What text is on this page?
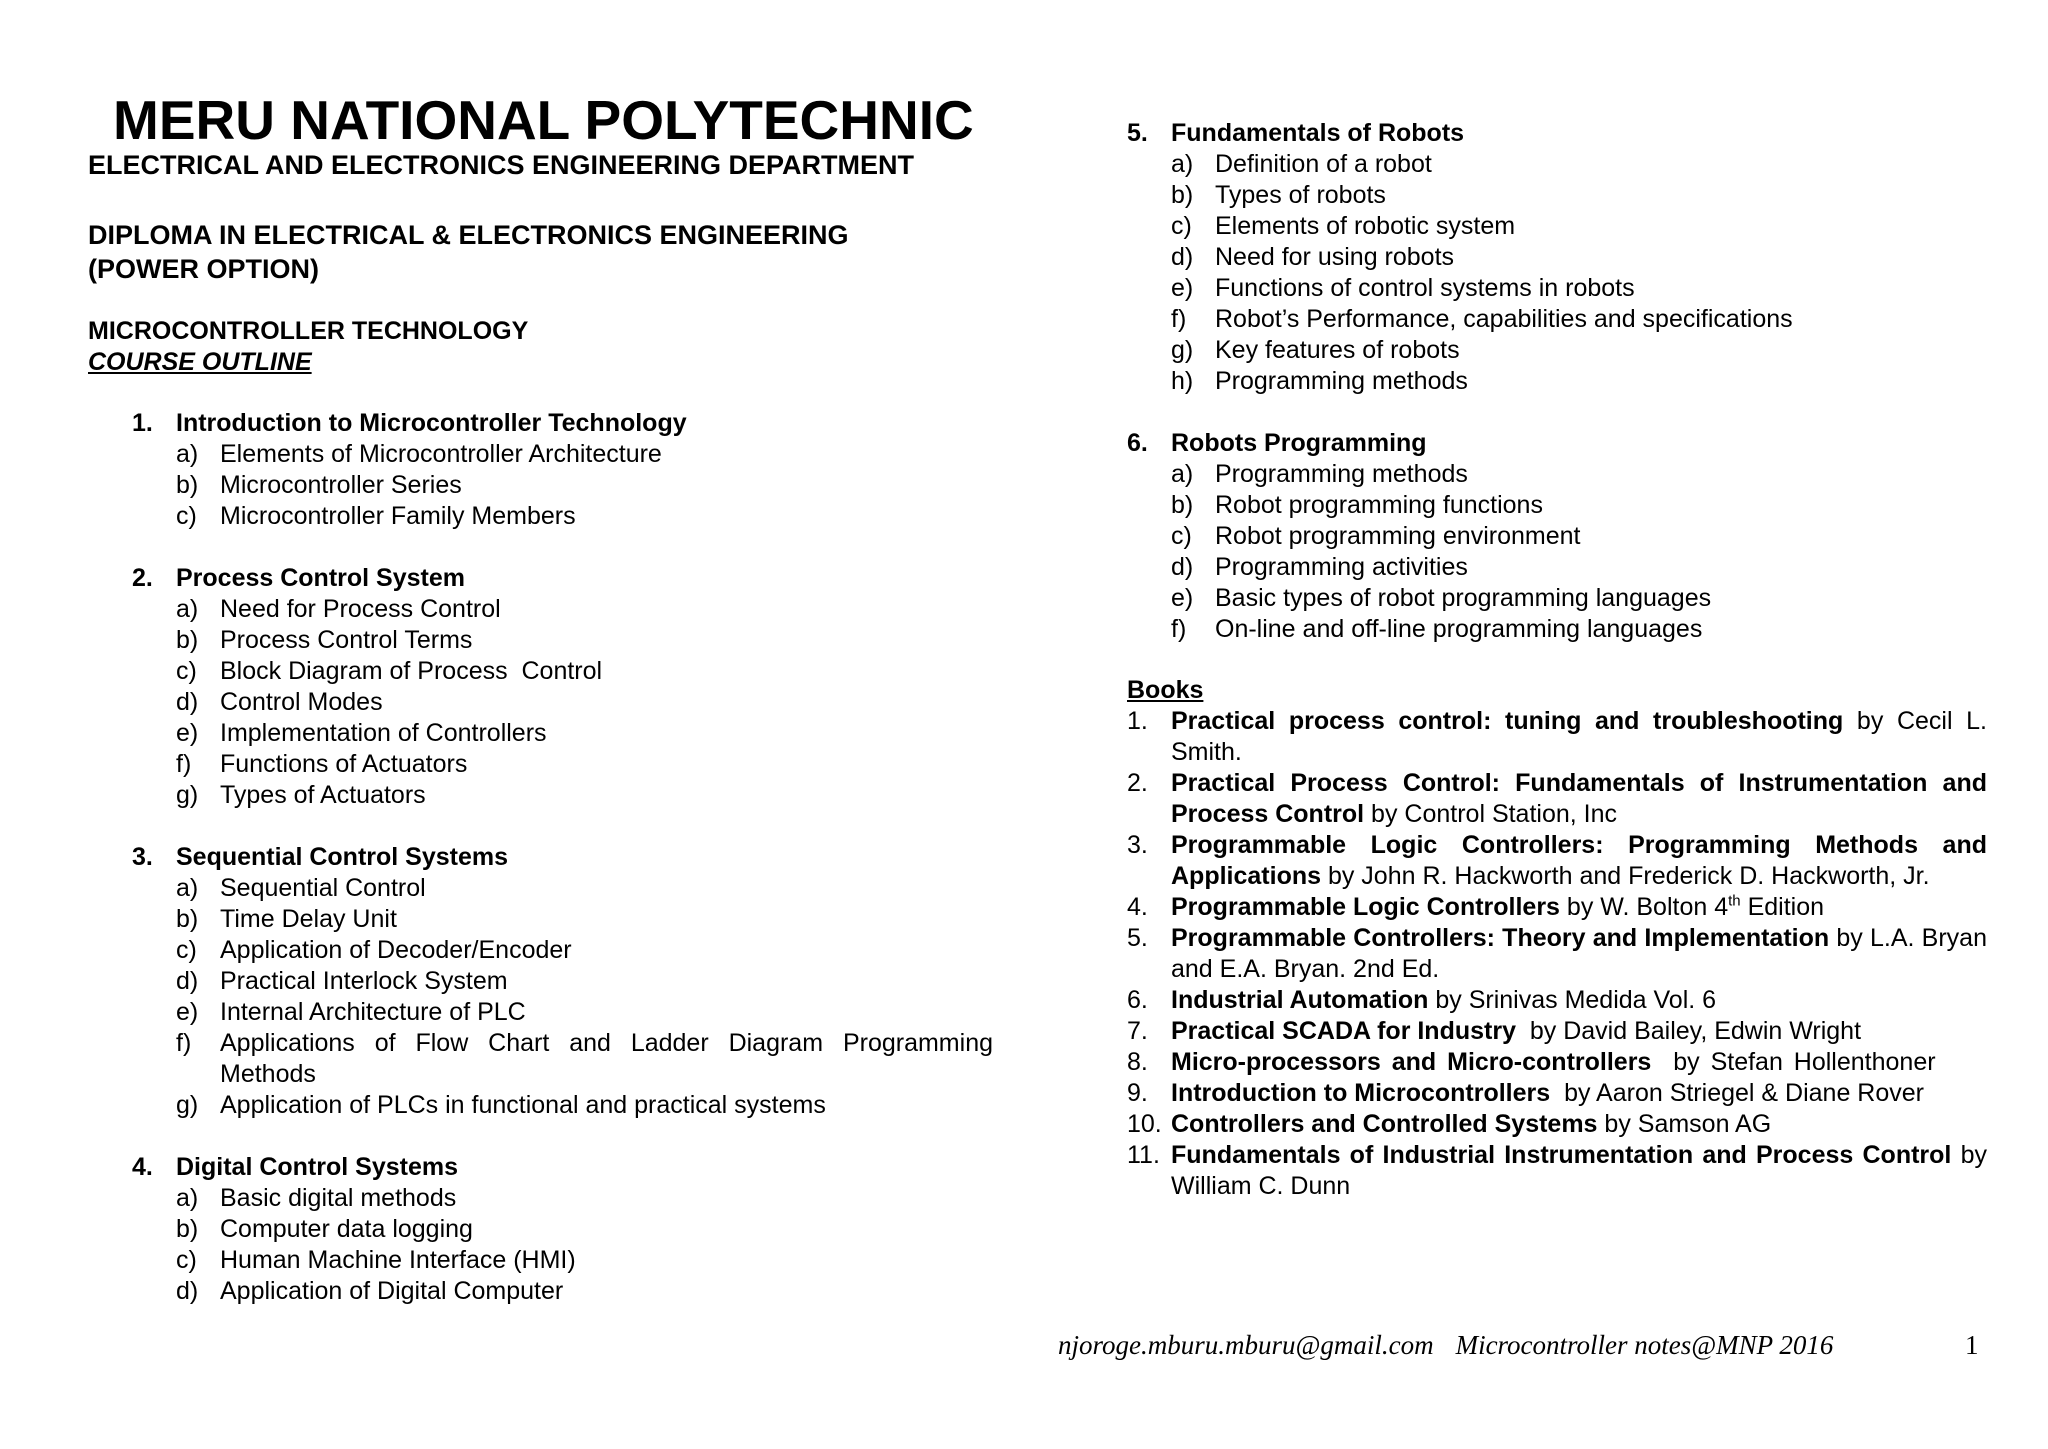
MERU NATIONAL POLYTECHNIC
ELECTRICAL AND ELECTRONICS ENGINEERING DEPARTMENT
DIPLOMA IN ELECTRICAL & ELECTRONICS ENGINEERING
(POWER OPTION)
MICROCONTROLLER TECHNOLOGY
COURSE OUTLINE
1. Introduction to Microcontroller Technology
a) Elements of Microcontroller Architecture
b) Microcontroller Series
c) Microcontroller Family Members
2. Process Control System
a) Need for Process Control
b) Process Control Terms
c) Block Diagram of Process  Control
d) Control Modes
e) Implementation of Controllers
f)	Functions of Actuators
g) Types of Actuators
3. Sequential Control Systems
a) Sequential Control
b) Time Delay Unit
c) Application of Decoder/Encoder
d) Practical Interlock System
e) Internal Architecture of PLC
f)	Applications of Flow Chart and Ladder Diagram Programming
Methods
g) Application of PLCs in functional and practical systems
4. Digital Control Systems
a) Basic digital methods
b) Computer data logging
c) Human Machine Interface (HMI)
d) Application of Digital Computer
5. Fundamentals of Robots
a) Definition of a robot
b) Types of robots
c) Elements of robotic system
d) Need for using robots
e) Functions of control systems in robots
f)	Robot’s Performance, capabilities and specifications
g) Key features of robots
h) Programming methods
6. Robots Programming
a) Programming methods
b) Robot programming functions
c) Robot programming environment
d) Programming activities
e) Basic types of robot programming languages
f)	On-line and off-line programming languages
Books
1. Practical process control: tuning and troubleshooting by Cecil L. Smith.
2. Practical Process Control: Fundamentals of Instrumentation and Process Control by Control Station, Inc
3. Programmable Logic Controllers: Programming Methods and Applications by John R. Hackworth and Frederick D. Hackworth, Jr.
4. Programmable Logic Controllers by W. Bolton 4th Edition
5. Programmable Controllers: Theory and Implementation by L.A. Bryan and E.A. Bryan. 2nd Ed.
6. Industrial Automation by Srinivas Medida Vol. 6
7. Practical SCADA for Industry  by David Bailey, Edwin Wright
8. Micro-processors and Micro-controllers  by Stefan Hollenthoner
9. Introduction to Microcontrollers  by Aaron Striegel & Diane Rover
10. Controllers and Controlled Systems by Samson AG
11. Fundamentals of Industrial Instrumentation and Process Control by William C. Dunn
njoroge.mburu.mburu@gmail.com Microcontroller notes@MNP 2016	1
